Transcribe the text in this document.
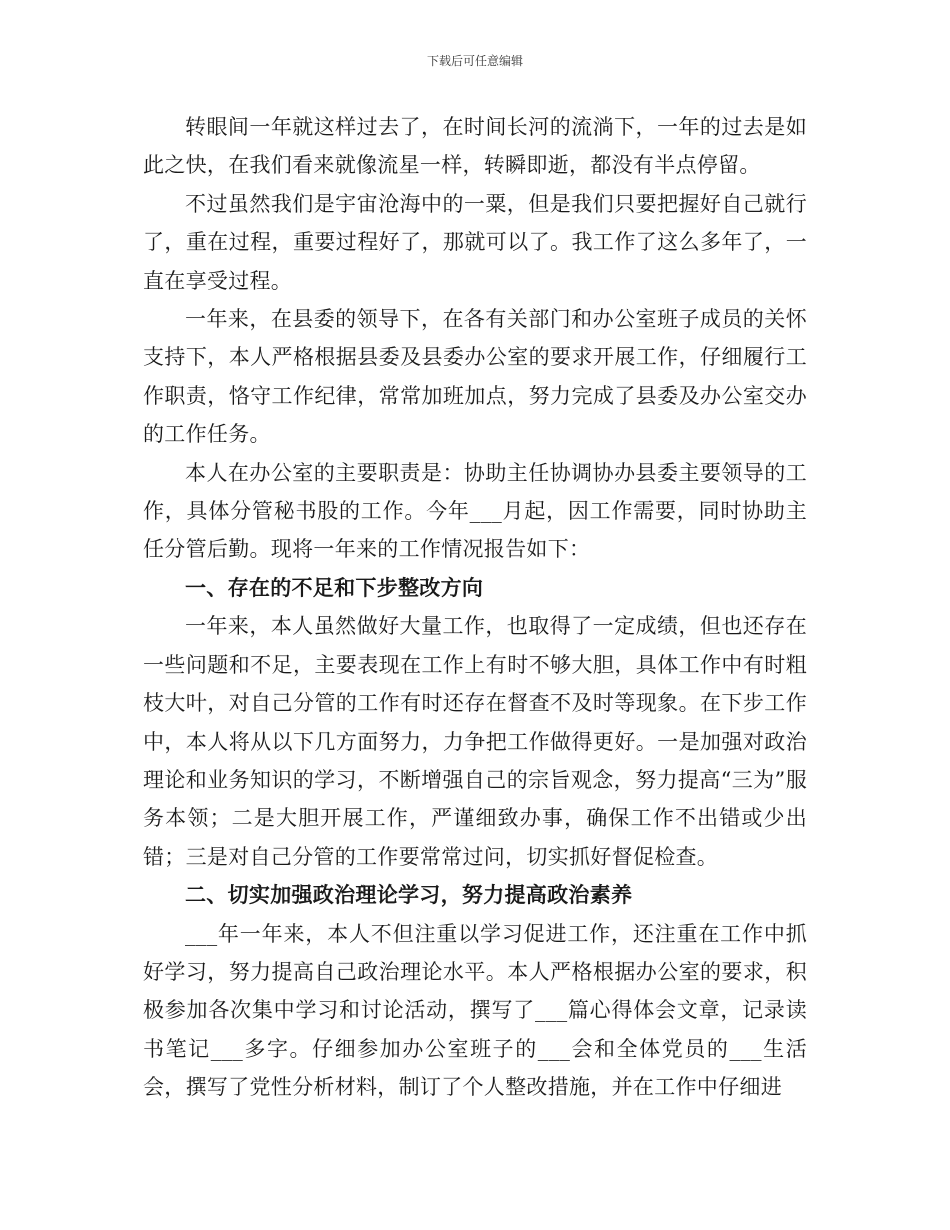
下载后可任意编辑

转眼间一年就这样过去了，在时间长河的流淌下，一年的过去是如此之快，在我们看来就像流星一样，转瞬即逝，都没有半点停留。

不过虽然我们是宇宙沧海中的一粟，但是我们只要把握好自己就行了，重在过程，重要过程好了，那就可以了。我工作了这么多年了，一直在享受过程。

一年来，在县委的领导下，在各有关部门和办公室班子成员的关怀支持下，本人严格根据县委及县委办公室的要求开展工作，仔细履行工作职责，恪守工作纪律，常常加班加点，努力完成了县委及办公室交办的工作任务。

本人在办公室的主要职责是：协助主任协调协办县委主要领导的工作，具体分管秘书股的工作。今年___月起，因工作需要，同时协助主任分管后勤。现将一年来的工作情况报告如下：

一、存在的不足和下步整改方向

一年来，本人虽然做好大量工作，也取得了一定成绩，但也还存在一些问题和不足，主要表现在工作上有时不够大胆，具体工作中有时粗枝大叶，对自己分管的工作有时还存在督查不及时等现象。在下步工作中，本人将从以下几方面努力，力争把工作做得更好。一是加强对政治理论和业务知识的学习，不断增强自己的宗旨观念，努力提高“三为”服务本领；二是大胆开展工作，严谨细致办事，确保工作不出错或少出错；三是对自己分管的工作要常常过问，切实抓好督促检查。

二、切实加强政治理论学习，努力提高政治素养

___年一年来，本人不但注重以学习促进工作，还注重在工作中抓好学习，努力提高自己政治理论水平。本人严格根据办公室的要求，积极参加各次集中学习和讨论活动，撰写了___篇心得体会文章，记录读书笔记___多字。仔细参加办公室班子的___会和全体党员的___生活会，撰写了党性分析材料，制订了个人整改措施，并在工作中仔细进
